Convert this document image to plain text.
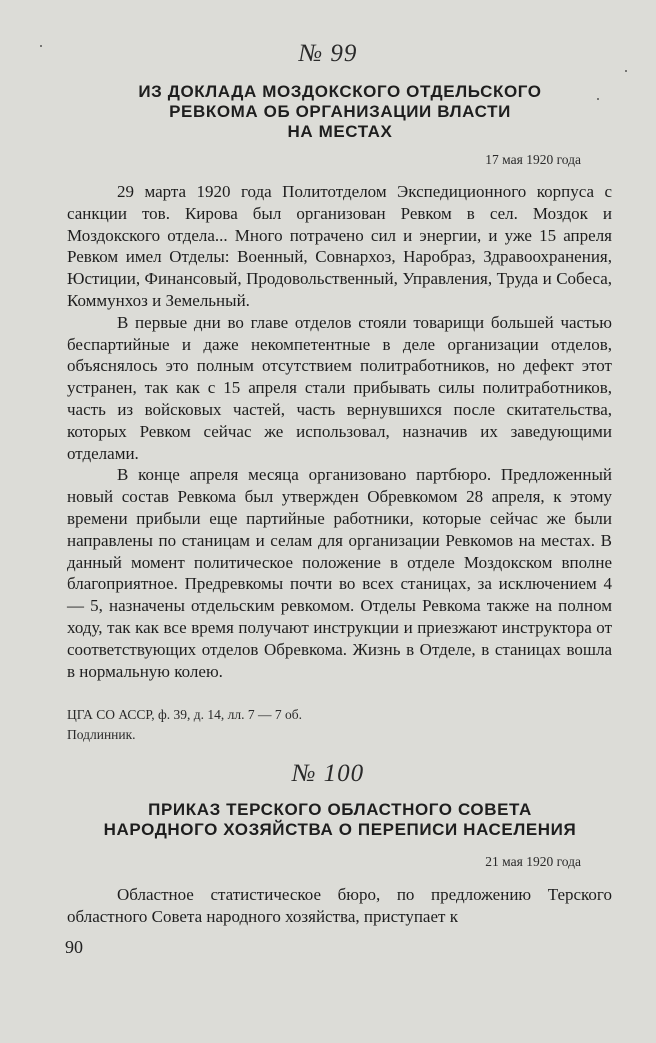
№ 99
ИЗ ДОКЛАДА МОЗДОКСКОГО ОТДЕЛЬСКОГО
РЕВКОМА ОБ ОРГАНИЗАЦИИ ВЛАСТИ
НА МЕСТАХ
17 мая 1920 года

29 марта 1920 года Политотделом Экспедиционного корпуса с санкции тов. Кирова был организован Ревком в сел. Моздок и Моздокского отдела... Много потрачено сил и энергии, и уже 15 апреля Ревком имел Отделы: Военный, Совнархоз, Наробраз, Здравоохранения, Юстиции, Финансовый, Продовольственный, Управления, Труда и Собеса, Коммунхоз и Земельный.

В первые дни во главе отделов стояли товарищи большей частью беспартийные и даже некомпетентные в деле организации отделов, объяснялось это полным отсутствием политработников, но дефект этот устранен, так как с 15 апреля стали прибывать силы политработников, часть из войсковых частей, часть вернувшихся после скитательства, которых Ревком сейчас же использовал, назначив их заведующими отделами.

В конце апреля месяца организовано партбюро. Предложенный новый состав Ревкома был утвержден Обревкомом 28 апреля, к этому времени прибыли еще партийные работники, которые сейчас же были направлены по станицам и селам для организации Ревкомов на местах. В данный момент политическое положение в отделе Моздокском вполне благоприятное. Предревкомы почти во всех станицах, за исключением 4 — 5, назначены отдельским ревкомом. Отделы Ревкома также на полном ходу, так как все время получают инструкции и приезжают инструктора от соответствующих отделов Обревкома. Жизнь в Отделе, в станицах вошла в нормальную колею.

ЦГА СО АССР, ф. 39, д. 14, лл. 7 — 7 об.
Подлинник.
№ 100
ПРИКАЗ ТЕРСКОГО ОБЛАСТНОГО СОВЕТА
НАРОДНОГО ХОЗЯЙСТВА О ПЕРЕПИСИ НАСЕЛЕНИЯ
21 мая 1920 года

Областное статистическое бюро, по предложению Терского областного Совета народного хозяйства, приступает к

90
